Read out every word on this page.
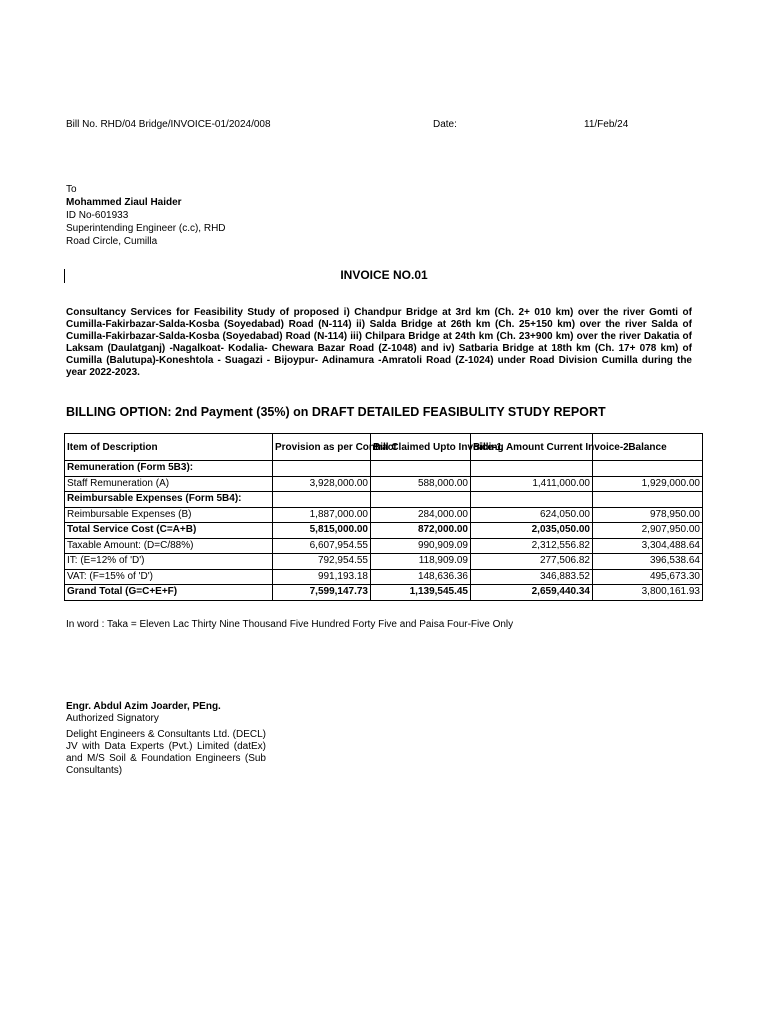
Bill No. RHD/04 Bridge/INVOICE-01/2024/008	Date:	11/Feb/24
To
Mohammed Ziaul Haider
ID No-601933
Superintending Engineer (c.c), RHD
Road Circle, Cumilla
INVOICE NO.01
Consultancy Services for Feasibility Study of proposed i) Chandpur Bridge at 3rd km (Ch. 2+ 010 km) over the river Gomti of Cumilla-Fakirbazar-Salda-Kosba (Soyedabad) Road (N-114) ii) Salda Bridge at 26th km (Ch. 25+150 km) over the river Salda of Cumilla-Fakirbazar-Salda-Kosba (Soyedabad) Road (N-114) iii) Chilpara Bridge at 24th km (Ch. 23+900 km) over the river Dakatia of Laksam (Daulatganj) -Nagalkoat- Kodalia- Chewara Bazar Road (Z-1048) and iv) Satbaria Bridge at 18th km (Ch. 17+ 078 km) of Cumilla (Balutupa)-Koneshtola - Suagazi - Bijoypur- Adinamura -Amratoli Road (Z-1024) under Road Division Cumilla during the year 2022-2023.
BILLING OPTION: 2nd Payment (35%) on DRAFT DETAILED FEASIBULITY STUDY REPORT
Item of Description	Provision as per Contract	Bill Claimed Upto Invoice-1	Billing Amount Current Invoice-2	Balance
Remuneration (Form 5B3):				
Staff Remuneration (A)	3,928,000.00	588,000.00	1,411,000.00	1,929,000.00
Reimbursable Expenses (Form 5B4):				
Reimbursable Expenses (B)	1,887,000.00	284,000.00	624,050.00	978,950.00
Total Service Cost (C=A+B)	5,815,000.00	872,000.00	2,035,050.00	2,907,950.00
Taxable Amount: (D=C/88%)	6,607,954.55	990,909.09	2,312,556.82	3,304,488.64
IT: (E=12% of 'D')	792,954.55	118,909.09	277,506.82	396,538.64
VAT: (F=15% of 'D')	991,193.18	148,636.36	346,883.52	495,673.30
Grand Total (G=C+E+F)	7,599,147.73	1,139,545.45	2,659,440.34	3,800,161.93
In word : Taka = Eleven Lac Thirty Nine Thousand Five Hundred Forty Five and Paisa Four-Five Only
Engr. Abdul Azim Joarder, PEng.
Authorized Signatory
Delight Engineers & Consultants Ltd. (DECL) JV with Data Experts (Pvt.) Limited (datEx) and M/S Soil & Foundation Engineers (Sub Consultants)
